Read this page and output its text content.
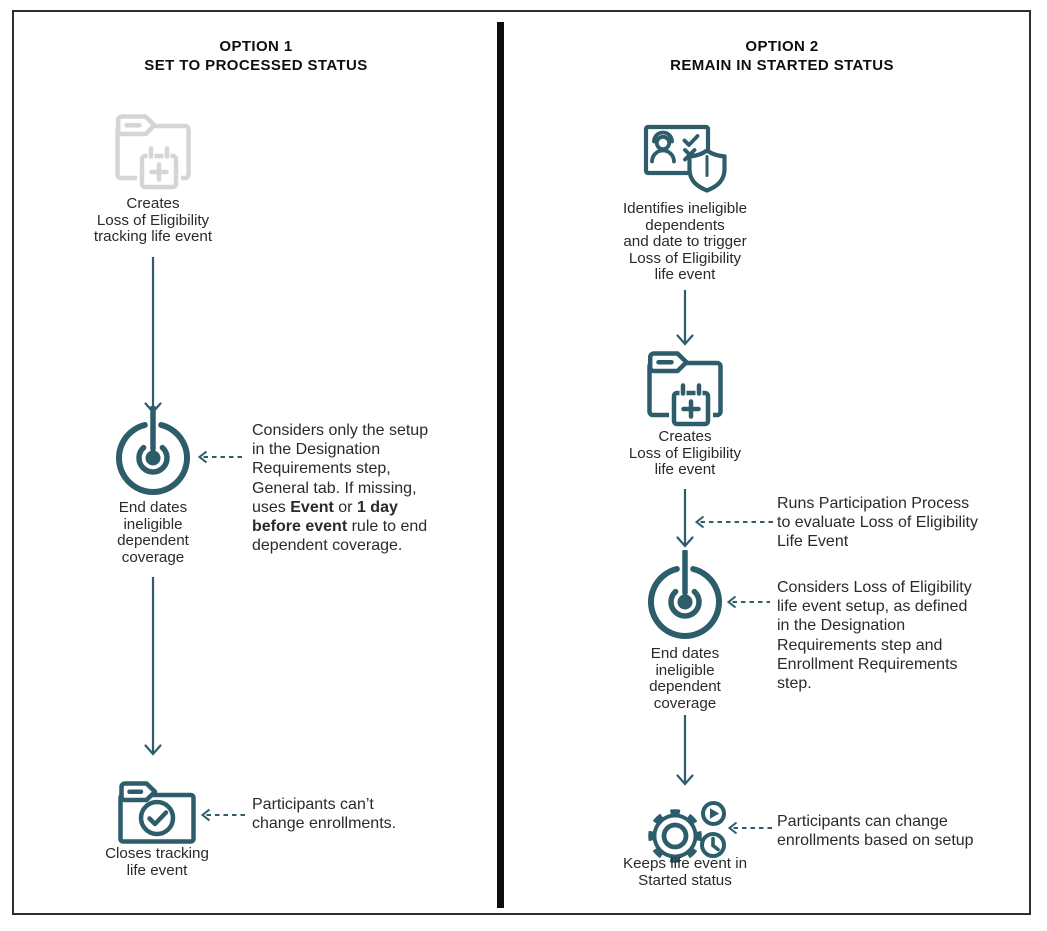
OPTION 1
SET TO PROCESSED STATUS
Creates
Loss of Eligibility
tracking life event
End dates
ineligible
dependent
coverage
Considers only the setup
in the Designation
Requirements step,
General tab. If missing,
uses Event or 1 day
before event rule to end
dependent coverage.
Closes tracking
life event
Participants can’t
change enrollments.
OPTION 2
REMAIN IN STARTED STATUS
Identifies ineligible
dependents
and date to trigger
Loss of Eligibility
life event
Creates
Loss of Eligibility
life event
Runs Participation Process
to evaluate Loss of Eligibility
Life Event
End dates
ineligible
dependent
coverage
Considers Loss of Eligibility
life event setup, as defined
in the Designation
Requirements step and
Enrollment Requirements
step.
Keeps life event in
Started status
Participants can change
enrollments based on setup
